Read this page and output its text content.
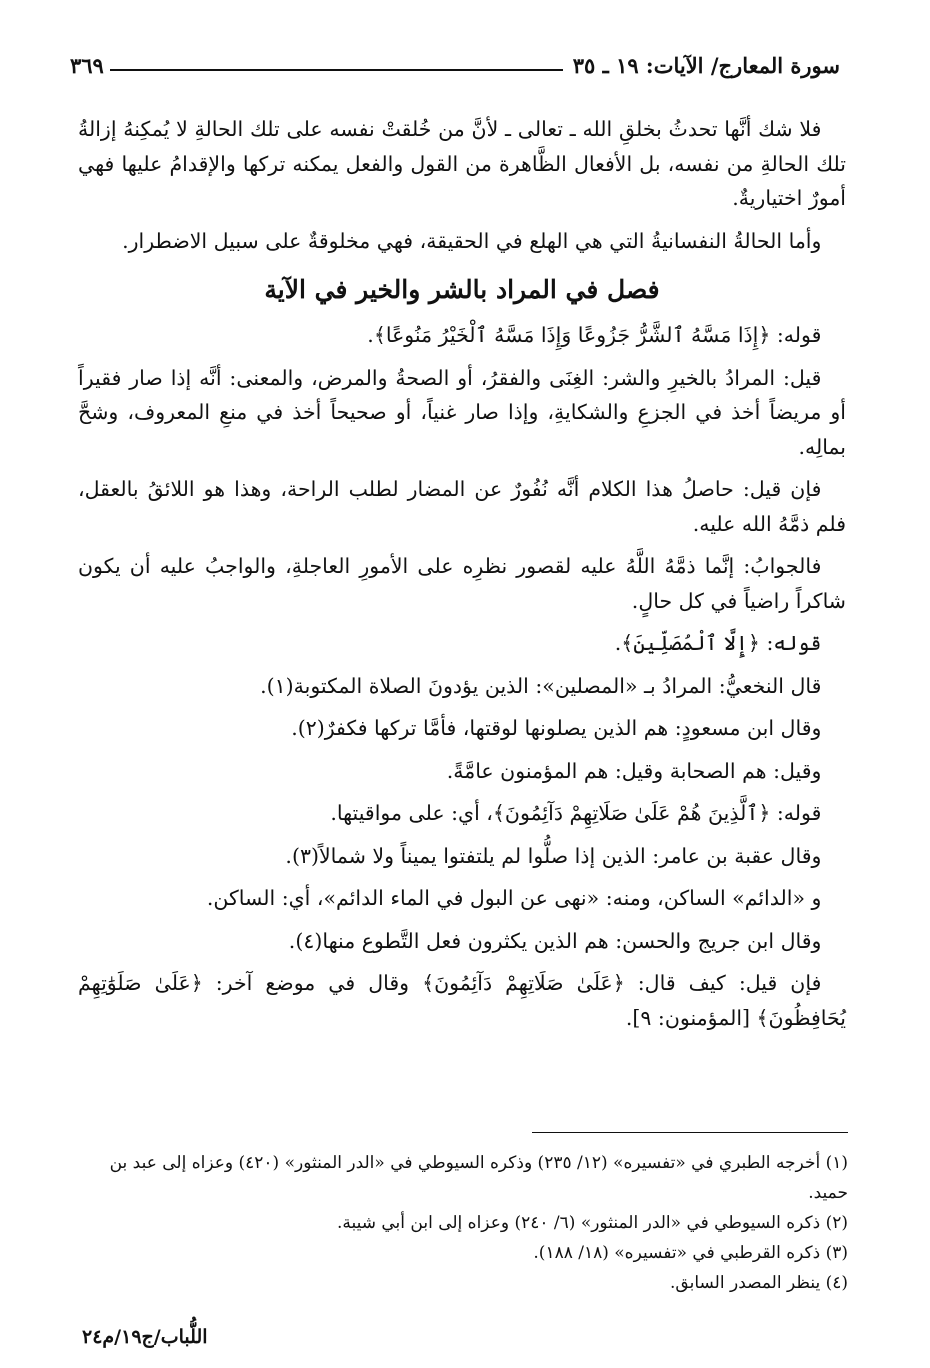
٣٦٩	سورة المعارج/ الآيات: ١٩ ـ ٣٥

فلا شك أنَّها تحدثُ بخلقِ الله ـ تعالى ـ لأنَّ من خُلقتْ نفسه على تلك الحالةِ لا يُمكِنهُ إزالةُ تلك الحالةِ من نفسه، بل الأفعال الظَّاهرة من القول والفعل يمكنه تركها والإقدامُ عليها فهي أمورٌ اختياريةٌ.

وأما الحالةُ النفسانيةُ التي هي الهلع في الحقيقة، فهي مخلوقةٌ على سبيل الاضطرار.

فصل في المراد بالشر والخير في الآية

قوله: ﴿إِذَا مَسَّهُ ٱلشَّرُّ جَزُوعًا وَإِذَا مَسَّهُ ٱلْخَيْرُ مَنُوعًا﴾.

قيل: المرادُ بالخيرِ والشر: الغِنَى والفقرُ، أو الصحةُ والمرض، والمعنى: أنَّه إذا صار فقيراً أو مريضاً أخذ في الجزعِ والشكايةِ، وإذا صار غنياً، أو صحيحاً أخذ في منعِ المعروف، وشحَّ بمالِه.

فإن قيل: حاصلُ هذا الكلام أنَّه نُفُورٌ عن المضار لطلب الراحة، وهذا هو اللائقُ بالعقل، فلم ذمَّهُ الله عليه.

فالجوابُ: إنَّما ذمَّهُ اللَّهُ عليه لقصور نظرِه على الأمورِ العاجلةِ، والواجبُ عليه أن يكون شاكراً راضياً في كل حالٍ.

قوله: ﴿إِلَّا ٱلْمُصَلِّينَ﴾.

قال النخعيُّ: المرادُ بـ «المصلين»: الذين يؤدونَ الصلاة المكتوبة(١).

وقال ابن مسعودٍ: هم الذين يصلونها لوقتها، فأمَّا تركها فكفرٌ(٢).

وقيل: هم الصحابة وقيل: هم المؤمنون عامَّةً.

قوله: ﴿ٱلَّذِينَ هُمْ عَلَىٰ صَلَاتِهِمْ دَآئِمُونَ﴾، أي: على مواقيتها.

وقال عقبة بن عامر: الذين إذا صلُّوا لم يلتفتوا يميناً ولا شمالاً(٣).

و «الدائم» الساكن، ومنه: «نهى عن البول في الماء الدائم»، أي: الساكن.

وقال ابن جريج والحسن: هم الذين يكثرون فعل التَّطوع منها(٤).

فإن قيل: كيف قال: ﴿عَلَىٰ صَلَاتِهِمْ دَآئِمُونَ﴾ وقال في موضع آخر: ﴿عَلَىٰ صَلَوَٰتِهِمْ يُحَافِظُونَ﴾ [المؤمنون: ٩].

(١) أخرجه الطبري في «تفسيره» (١٢/ ٢٣٥) وذكره السيوطي في «الدر المنثور» (٤٢٠) وعزاه إلى عبد بن حميد.

(٢) ذكره السيوطي في «الدر المنثور» (٦/ ٢٤٠) وعزاه إلى ابن أبي شيبة.

(٣) ذكره القرطبي في «تفسيره» (١٨/ ١٨٨).

(٤) ينظر المصدر السابق.

اللُّباب/ج١٩/م٢٤
